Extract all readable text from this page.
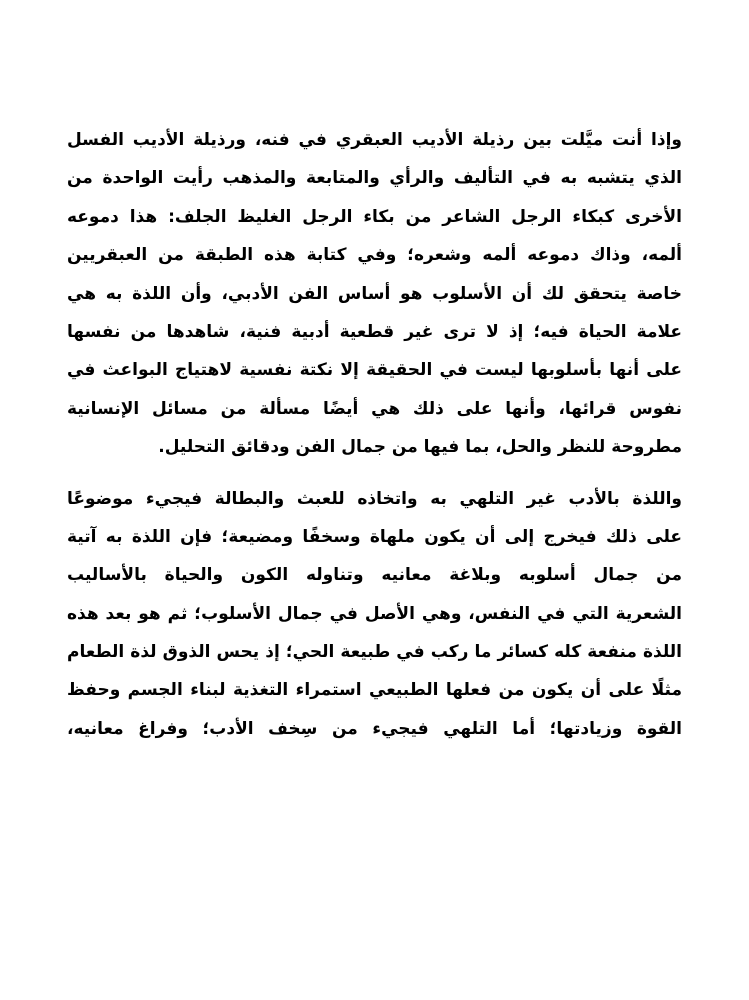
وإذا أنت ميَّلت بين رذيلة الأديب العبقري في فنه، ورذيلة الأديب الفسل
الذي يتشبه به في التأليف والرأي والمتابعة والمذهب رأيت الواحدة من
الأخرى كبكاء الرجل الشاعر من بكاء الرجل الغليظ الجلف: هذا دموعه
ألمه، وذاك دموعه ألمه وشعره؛ وفي كتابة هذه الطبقة من العبقريين
خاصة يتحقق لك أن الأسلوب هو أساس الفن الأدبي، وأن اللذة به هي
علامة الحياة فيه؛ إذ لا ترى غير قطعية أدبية فنية، شاهدها من نفسها
على أنها بأسلوبها ليست في الحقيقة إلا نكتة نفسية لاهتياج البواعث في
نفوس قرائها، وأنها على ذلك هي أيضًا مسألة من مسائل الإنسانية
مطروحة للنظر والحل، بما فيها من جمال الفن ودقائق التحليل.
واللذة بالأدب غير التلهي به واتخاذه للعبث والبطالة فيجيء موضوعًا
على ذلك فيخرج إلى أن يكون ملهاة وسخفًا ومضيعة؛ فإن اللذة به آتية
من جمال أسلوبه وبلاغة معانيه وتناوله الكون والحياة بالأساليب
الشعرية التي في النفس، وهي الأصل في جمال الأسلوب؛ ثم هو بعد هذه
اللذة منفعة كله كسائر ما ركب في طبيعة الحي؛ إذ يحس الذوق لذة الطعام
مثلًا على أن يكون من فعلها الطبيعي استمراء التغذية لبناء الجسم وحفظ
القوة وزيادتها؛ أما التلهي فيجيء من سِخف الأدب؛ وفراغ معانيه،
